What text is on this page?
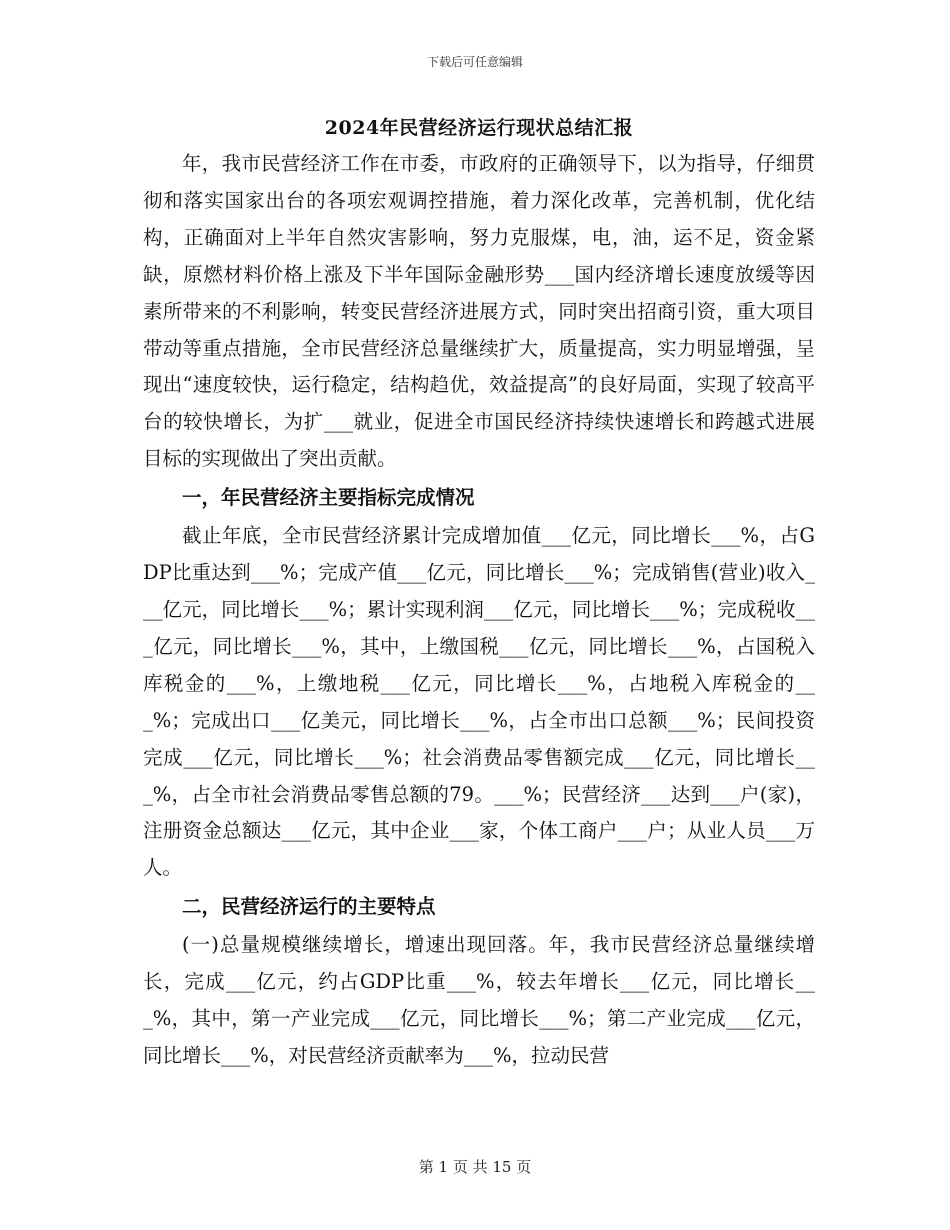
下载后可任意编辑
2024年民营经济运行现状总结汇报

年，我市民营经济工作在市委，市政府的正确领导下，以为指导，仔细贯彻和落实国家出台的各项宏观调控措施，着力深化改革，完善机制，优化结构，正确面对上半年自然灾害影响，努力克服煤，电，油，运不足，资金紧缺，原燃材料价格上涨及下半年国际金融形势___国内经济增长速度放缓等因素所带来的不利影响，转变民营经济进展方式，同时突出招商引资，重大项目带动等重点措施，全市民营经济总量继续扩大，质量提高，实力明显增强，呈现出“速度较快，运行稳定，结构趋优，效益提高”的良好局面，实现了较高平台的较快增长，为扩___就业，促进全市国民经济持续快速增长和跨越式进展目标的实现做出了突出贡献。

一，年民营经济主要指标完成情况

截止年底，全市民营经济累计完成增加值___亿元，同比增长___%，占GDP比重达到___%；完成产值___亿元，同比增长___%；完成销售(营业)收入___亿元，同比增长___%；累计实现利润___亿元，同比增长___%；完成税收___亿元，同比增长___%，其中，上缴国税___亿元，同比增长___%，占国税入库税金的___%，上缴地税___亿元，同比增长___%，占地税入库税金的___%；完成出口___亿美元，同比增长___%，占全市出口总额___%；民间投资完成___亿元，同比增长___%；社会消费品零售额完成___亿元，同比增长___%，占全市社会消费品零售总额的79。___%；民营经济___达到___户(家)，注册资金总额达___亿元，其中企业___家，个体工商户___户；从业人员___万人。

二，民营经济运行的主要特点

(一)总量规模继续增长，增速出现回落。年，我市民营经济总量继续增长，完成___亿元，约占GDP比重___%，较去年增长___亿元，同比增长___%，其中，第一产业完成___亿元，同比增长___%；第二产业完成___亿元，同比增长___%，对民营经济贡献率为___%，拉动民营

第 1 页 共 15 页
